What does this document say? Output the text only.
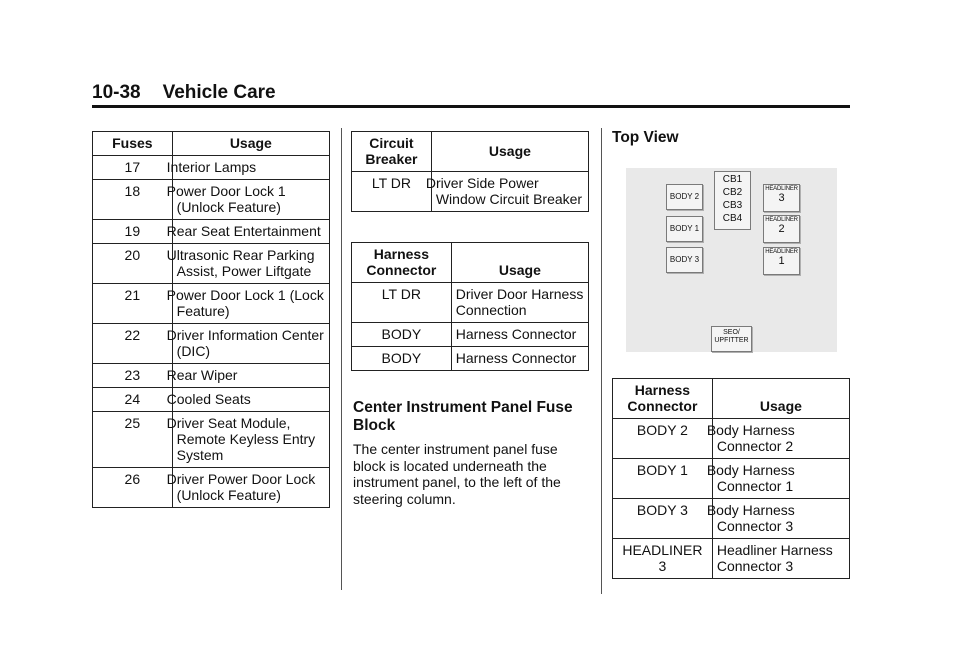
10-38 Vehicle Care
Fuses	Usage
17	Interior Lamps
18	Power Door Lock 1 (Unlock Feature)
19	Rear Seat Entertainment
20	Ultrasonic Rear Parking Assist, Power Liftgate
21	Power Door Lock 1 (Lock Feature)
22	Driver Information Center (DIC)
23	Rear Wiper
24	Cooled Seats
25	Driver Seat Module, Remote Keyless Entry System
26	Driver Power Door Lock (Unlock Feature)
Circuit Breaker	Usage
LT DR	Driver Side Power Window Circuit Breaker
Harness Connector	Usage
LT DR	Driver Door Harness Connection
BODY	Harness Connector
BODY	Harness Connector
Center Instrument Panel Fuse Block
The center instrument panel fuse block is located underneath the instrument panel, to the left of the steering column.
Top View
BODY 2
BODY 1
BODY 3
CB1
CB2
CB3
CB4
HEADLINER
3
HEADLINER
2
HEADLINER
1
SEO/ UPFITTER
Harness Connector	Usage
BODY 2	Body Harness Connector 2
BODY 1	Body Harness Connector 1
BODY 3	Body Harness Connector 3
HEADLINER 3	Headliner Harness Connector 3
